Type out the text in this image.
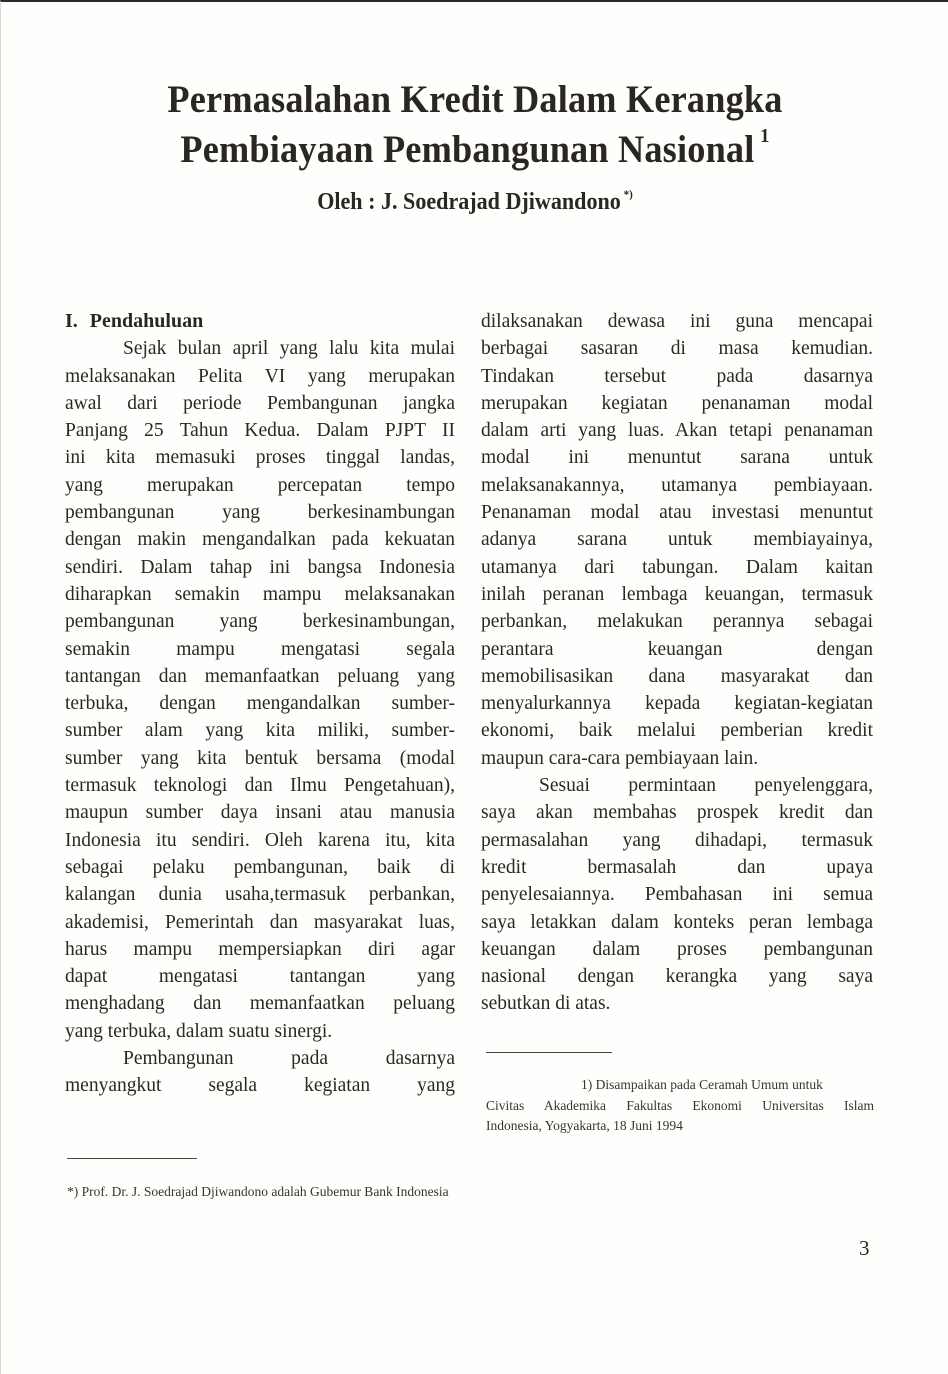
Permasalahan Kredit Dalam Kerangka
Pembiayaan Pembangunan Nasional $^1$
Oleh : J. Soedrajad Djiwandono *)
I. Pendahuluan
Sejak bulan april yang lalu kita mulai
melaksanakan Pelita VI yang merupakan
awal dari periode Pembangunan jangka
Panjang 25 Tahun Kedua. Dalam PJPT II
ini kita memasuki proses tinggal landas,
yang merupakan percepatan tempo
pembangunan yang berkesinambungan
dengan makin mengandalkan pada kekuatan
sendiri. Dalam tahap ini bangsa Indonesia
diharapkan semakin mampu melaksanakan
pembangunan yang berkesinambungan,
semakin mampu mengatasi segala
tantangan dan memanfaatkan peluang yang
terbuka, dengan mengandalkan sumber-
sumber alam yang kita miliki, sumber-
sumber yang kita bentuk bersama (modal
termasuk teknologi dan Ilmu Pengetahuan),
maupun sumber daya insani atau manusia
Indonesia itu sendiri. Oleh karena itu, kita
sebagai pelaku pembangunan, baik di
kalangan dunia usaha,termasuk perbankan,
akademisi, Pemerintah dan masyarakat luas,
harus mampu mempersiapkan diri agar
dapat mengatasi tantangan yang
menghadang dan memanfaatkan peluang
yang terbuka, dalam suatu sinergi.
Pembangunan pada dasarnya
menyangkut segala kegiatan yang
dilaksanakan dewasa ini guna mencapai
berbagai sasaran di masa kemudian.
Tindakan tersebut pada dasarnya
merupakan kegiatan penanaman modal
dalam arti yang luas. Akan tetapi penanaman
modal ini menuntut sarana untuk
melaksanakannya, utamanya pembiayaan.
Penanaman modal atau investasi menuntut
adanya sarana untuk membiayainya,
utamanya dari tabungan. Dalam kaitan
inilah peranan lembaga keuangan, termasuk
perbankan, melakukan perannya sebagai
perantara keuangan dengan
memobilisasikan dana masyarakat dan
menyalurkannya kepada kegiatan-kegiatan
ekonomi, baik melalui pemberian kredit
maupun cara-cara pembiayaan lain.
Sesuai permintaan penyelenggara,
saya akan membahas prospek kredit dan
permasalahan yang dihadapi, termasuk
kredit bermasalah dan upaya
penyelesaiannya. Pembahasan ini semua
saya letakkan dalam konteks peran lembaga
keuangan dalam proses pembangunan
nasional dengan kerangka yang saya
sebutkan di atas.
1) Disampaikan pada Ceramah Umum untuk
Civitas Akademika Fakultas Ekonomi Universitas Islam
Indonesia, Yogyakarta, 18 Juni 1994
*) Prof. Dr. J. Soedrajad Djiwandono adalah Gubemur Bank Indonesia
3
